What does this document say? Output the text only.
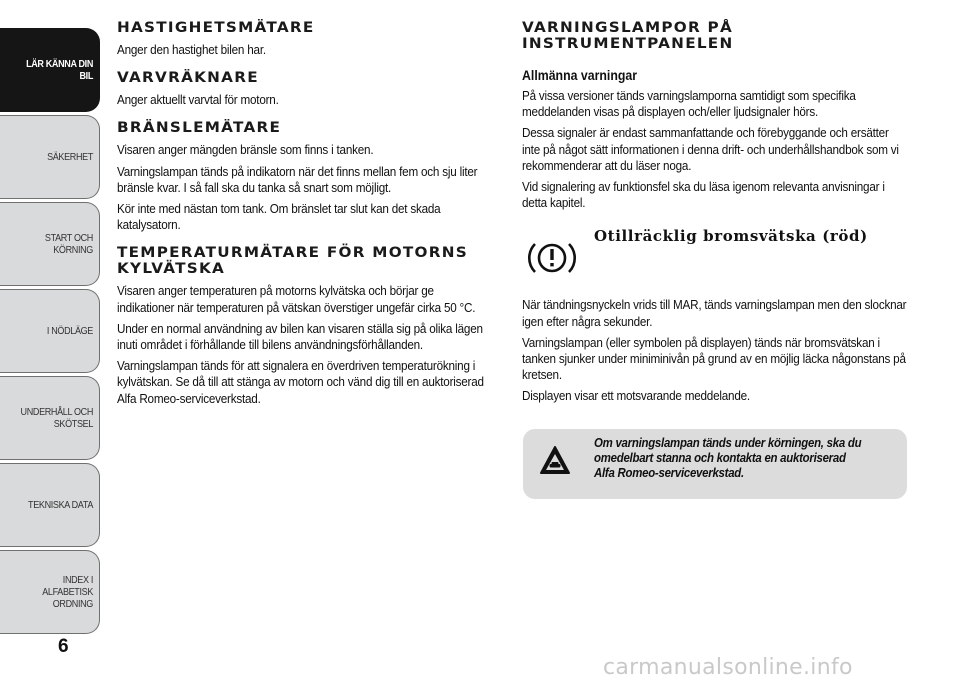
LÄR KÄNNA DIN
BIL
SÄKERHET
START OCH
KÖRNING
I NÖDLÄGE
UNDERHÅLL OCH
SKÖTSEL
TEKNISKA DATA
INDEX I ALFABETISK
ORDNING
6
HASTIGHETSMÄTARE

Anger den hastighet bilen har.

VARVRÄKNARE

Anger aktuellt varvtal för motorn.

BRÄNSLEMÄTARE

Visaren anger mängden bränsle som finns i tanken.

Varningslampan tänds på indikatorn när det finns mellan fem och sju liter bränsle kvar. I så fall ska du tanka så snart som möjligt.

Kör inte med nästan tom tank. Om bränslet tar slut kan det skada katalysatorn.

TEMPERATURMÄTARE FÖR MOTORNS KYLVÄTSKA

Visaren anger temperaturen på motorns kylvätska och börjar ge indikationer när temperaturen på vätskan överstiger ungefär cirka 50 °C.

Under en normal användning av bilen kan visaren ställa sig på olika lägen inuti området i förhållande till bilens användningsförhållanden.

Varningslampan tänds för att signalera en överdriven temperaturökning i kylvätskan. Se då till att stänga av motorn och vänd dig till en auktoriserad Alfa Romeo-serviceverkstad.

VARNINGSLAMPOR PÅ INSTRUMENTPANELEN
Allmänna varningar

På vissa versioner tänds varningslamporna samtidigt som specifika meddelanden visas på displayen och/eller ljudsignaler hörs.

Dessa signaler är endast sammanfattande och förebyggande och ersätter inte på något sätt informationen i denna drift- och underhållshandbok som vi rekommenderar att du läser noga.

Vid signalering av funktionsfel ska du läsa igenom relevanta anvisningar i detta kapitel.

Otillräcklig bromsvätska (röd)

När tändningsnyckeln vrids till MAR, tänds varningslampan men den slocknar igen efter några sekunder.

Varningslampan (eller symbolen på displayen) tänds när bromsvätskan i tanken sjunker under miniminivån på grund av en möjlig läcka någonstans på kretsen.

Displayen visar ett motsvarande meddelande.

Om varningslampan tänds under körningen, ska du omedelbart stanna och kontakta en auktoriserad Alfa Romeo-serviceverkstad.
carmanualsonline.info
